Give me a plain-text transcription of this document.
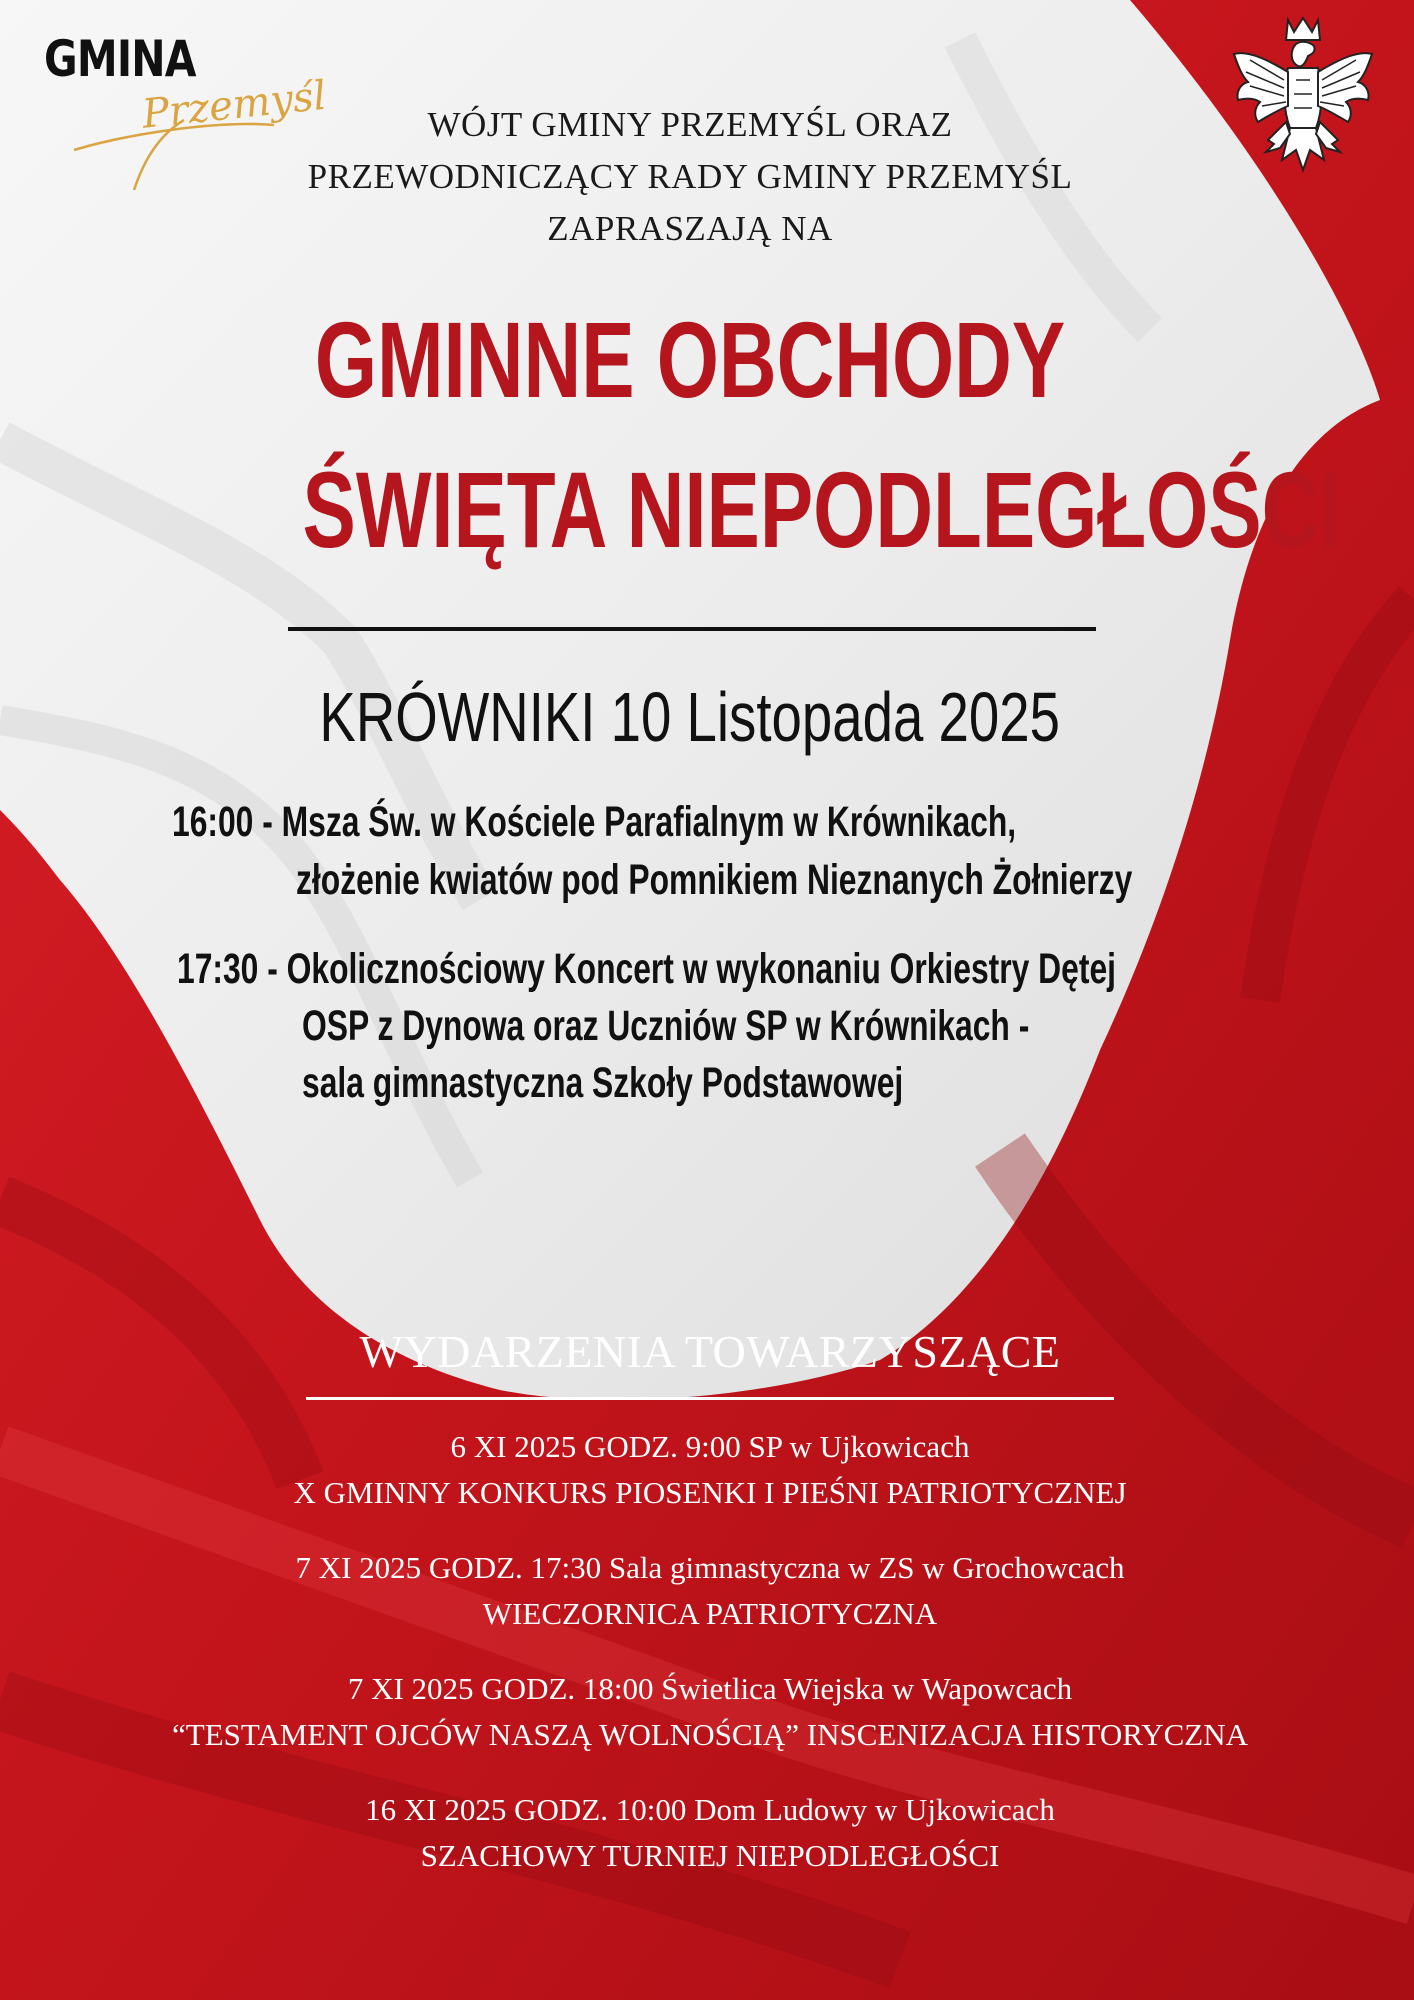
GMINA
Przemyśl	WÓJT GMINY PRZEMYŚL ORAZ
PRZEWODNICZĄCY RADY GMINY PRZEMYŚL
ZAPRASZAJĄ NA
GMINNE OBCHODY
ŚWIĘTA NIEPODLEGŁOŚCI
KRÓWNIKI 10 Listopada 2025
16:00 - Msza Św. w Kościele Parafialnym w Krównikach,
złożenie kwiatów pod Pomnikiem Nieznanych Żołnierzy
17:30 - Okolicznościowy Koncert w wykonaniu Orkiestry Dętej
OSP z Dynowa oraz Uczniów SP w Krównikach -
sala gimnastyczna Szkoły Podstawowej
WYDARZENIA TOWARZYSZĄCE
6 XI 2025 GODZ. 9:00 SP w Ujkowicach
X GMINNY KONKURS PIOSENKI I PIEŚNI PATRIOTYCZNEJ
7 XI 2025 GODZ. 17:30 Sala gimnastyczna w ZS w Grochowcach
WIECZORNICA PATRIOTYCZNA
7 XI 2025 GODZ. 18:00 Świetlica Wiejska w Wapowcach
“TESTAMENT OJCÓW NASZĄ WOLNOŚCIĄ” INSCENIZACJA HISTORYCZNA
16 XI 2025 GODZ. 10:00 Dom Ludowy w Ujkowicach
SZACHOWY TURNIEJ NIEPODLEGŁOŚCI
